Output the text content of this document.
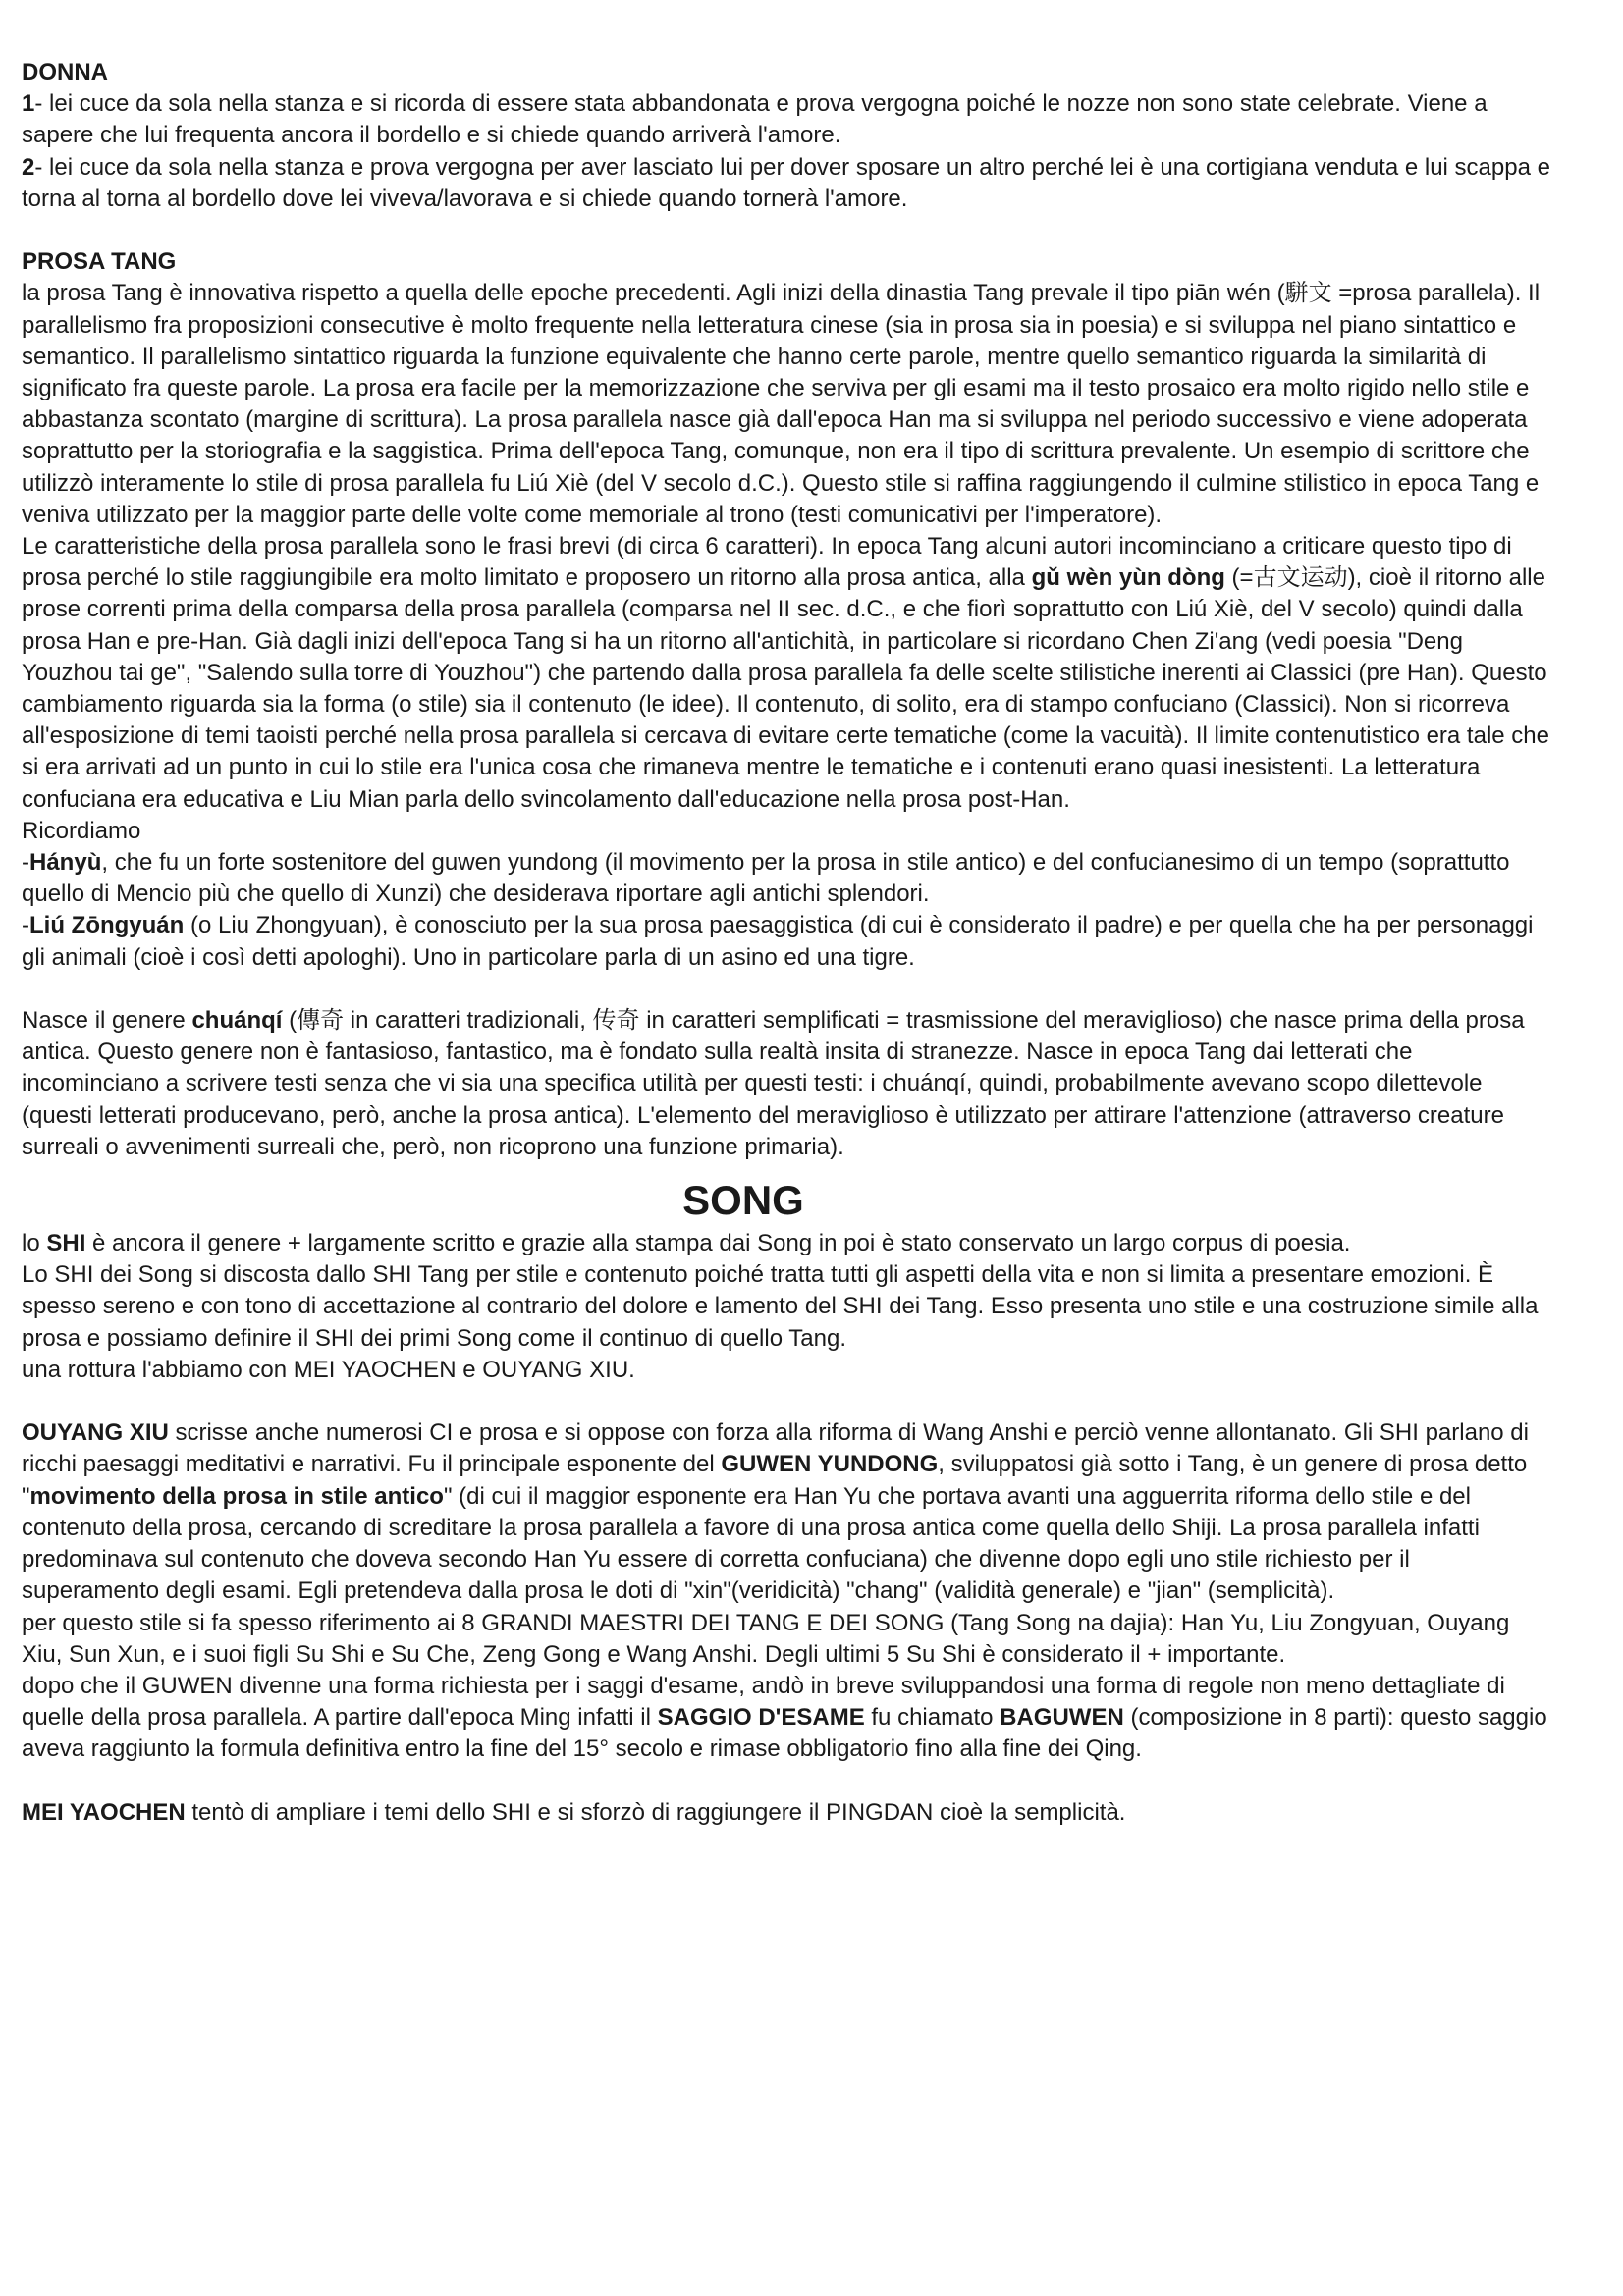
DONNA

1- lei cuce da sola nella stanza e si ricorda di essere stata abbandonata e prova vergogna poiché le nozze non sono state celebrate. Viene a sapere che lui frequenta ancora il bordello e si chiede quando arriverà l'amore.

2- lei cuce da sola nella stanza e prova vergogna per aver lasciato lui per dover sposare un altro perché lei è una cortigiana venduta e lui scappa e torna al torna al bordello dove lei viveva/lavorava e si chiede quando tornerà l'amore.

PROSA TANG

la prosa Tang è innovativa rispetto a quella delle epoche precedenti. Agli inizi della dinastia Tang prevale il tipo piān wén (駢文 =prosa parallela). Il parallelismo fra proposizioni consecutive è molto frequente nella letteratura cinese (sia in prosa sia in poesia) e si sviluppa nel piano sintattico e semantico. Il parallelismo sintattico riguarda la funzione equivalente che hanno certe parole, mentre quello semantico riguarda la similarità di significato fra queste parole. La prosa era facile per la memorizzazione che serviva per gli esami ma il testo prosaico era molto rigido nello stile e abbastanza scontato (margine di scrittura). La prosa parallela nasce già dall'epoca Han ma si sviluppa nel periodo successivo e viene adoperata soprattutto per la storiografia e la saggistica. Prima dell'epoca Tang, comunque, non era il tipo di scrittura prevalente. Un esempio di scrittore che utilizzò interamente lo stile di prosa parallela fu Liú Xiè (del V secolo d.C.). Questo stile si raffina raggiungendo il culmine stilistico in epoca Tang e veniva utilizzato per la maggior parte delle volte come memoriale al trono (testi comunicativi per l'imperatore).

Le caratteristiche della prosa parallela sono le frasi brevi (di circa 6 caratteri). In epoca Tang alcuni autori incominciano a criticare questo tipo di prosa perché lo stile raggiungibile era molto limitato e proposero un ritorno alla prosa antica, alla gǔ wèn yùn dòng (=古文运动), cioè il ritorno alle prose correnti prima della comparsa della prosa parallela (comparsa nel II sec. d.C., e che fiorì soprattutto con Liú Xiè, del V secolo) quindi dalla prosa Han e pre-Han. Già dagli inizi dell'epoca Tang si ha un ritorno all'antichità, in particolare si ricordano Chen Zi'ang (vedi poesia "Deng Youzhou tai ge", "Salendo sulla torre di Youzhou") che partendo dalla prosa parallela fa delle scelte stilistiche inerenti ai Classici (pre Han). Questo cambiamento riguarda sia la forma (o stile) sia il contenuto (le idee). Il contenuto, di solito, era di stampo confuciano (Classici). Non si ricorreva all'esposizione di temi taoisti perché nella prosa parallela si cercava di evitare certe tematiche (come la vacuità). Il limite contenutistico era tale che si era arrivati ad un punto in cui lo stile era l'unica cosa che rimaneva mentre le tematiche e i contenuti erano quasi inesistenti. La letteratura confuciana era educativa e Liu Mian parla dello svincolamento dall'educazione nella prosa post-Han.

Ricordiamo

-Hányù, che fu un forte sostenitore del guwen yundong (il movimento per la prosa in stile antico) e del confucianesimo di un tempo (soprattutto quello di Mencio più che quello di Xunzi) che desiderava riportare agli antichi splendori.

-Liú Zōngyuán (o Liu Zhongyuan), è conosciuto per la sua prosa paesaggistica (di cui è considerato il padre) e per quella che ha per personaggi gli animali (cioè i così detti apologhi). Uno in particolare parla di un asino ed una tigre.

Nasce il genere chuánqí (傳奇 in caratteri tradizionali, 传奇 in caratteri semplificati = trasmissione del meraviglioso) che nasce prima della prosa antica. Questo genere non è fantasioso, fantastico, ma è fondato sulla realtà insita di stranezze. Nasce in epoca Tang dai letterati che incominciano a scrivere testi senza che vi sia una specifica utilità per questi testi: i chuánqí, quindi, probabilmente avevano scopo dilettevole (questi letterati producevano, però, anche la prosa antica). L'elemento del meraviglioso è utilizzato per attirare l'attenzione (attraverso creature surreali o avvenimenti surreali che, però, non ricoprono una funzione primaria).

SONG

lo SHI è ancora il genere + largamente scritto e grazie alla stampa dai Song in poi è stato conservato un largo corpus di poesia.

Lo SHI dei Song si discosta dallo SHI Tang per stile e contenuto poiché tratta tutti gli aspetti della vita e non si limita a presentare emozioni. È spesso sereno e con tono di accettazione al contrario del dolore e lamento del SHI dei Tang. Esso presenta uno stile e una costruzione simile alla prosa e possiamo definire il SHI dei primi Song come il continuo di quello Tang.

una rottura l'abbiamo con MEI YAOCHEN e OUYANG XIU.

OUYANG XIU scrisse anche numerosi CI e prosa e si oppose con forza alla riforma di Wang Anshi e perciò venne allontanato. Gli SHI parlano di ricchi paesaggi meditativi e narrativi. Fu il principale esponente del GUWEN YUNDONG, sviluppatosi già sotto i Tang, è un genere di prosa detto "movimento della prosa in stile antico" (di cui il maggior esponente era Han Yu che portava avanti una agguerrita riforma dello stile e del contenuto della prosa, cercando di screditare la prosa parallela a favore di una prosa antica come quella dello Shiji. La prosa parallela infatti predominava sul contenuto che doveva secondo Han Yu essere di corretta confuciana) che divenne dopo egli uno stile richiesto per il superamento degli esami. Egli pretendeva dalla prosa le doti di "xin"(veridicità) "chang" (validità generale) e "jian" (semplicità).

per questo stile si fa spesso riferimento ai 8 GRANDI MAESTRI DEI TANG E DEI SONG (Tang Song na dajia): Han Yu, Liu Zongyuan, Ouyang Xiu, Sun Xun, e i suoi figli Su Shi e Su Che, Zeng Gong e Wang Anshi. Degli ultimi 5 Su Shi è considerato il + importante.

dopo che il GUWEN divenne una forma richiesta per i saggi d'esame, andò in breve sviluppandosi una forma di regole non meno dettagliate di quelle della prosa parallela. A partire dall'epoca Ming infatti il SAGGIO D'ESAME fu chiamato BAGUWEN (composizione in 8 parti): questo saggio aveva raggiunto la formula definitiva entro la fine del 15° secolo e rimase obbligatorio fino alla fine dei Qing.

MEI YAOCHEN tentò di ampliare i temi dello SHI e si sforzò di raggiungere il PINGDAN cioè la semplicità.
